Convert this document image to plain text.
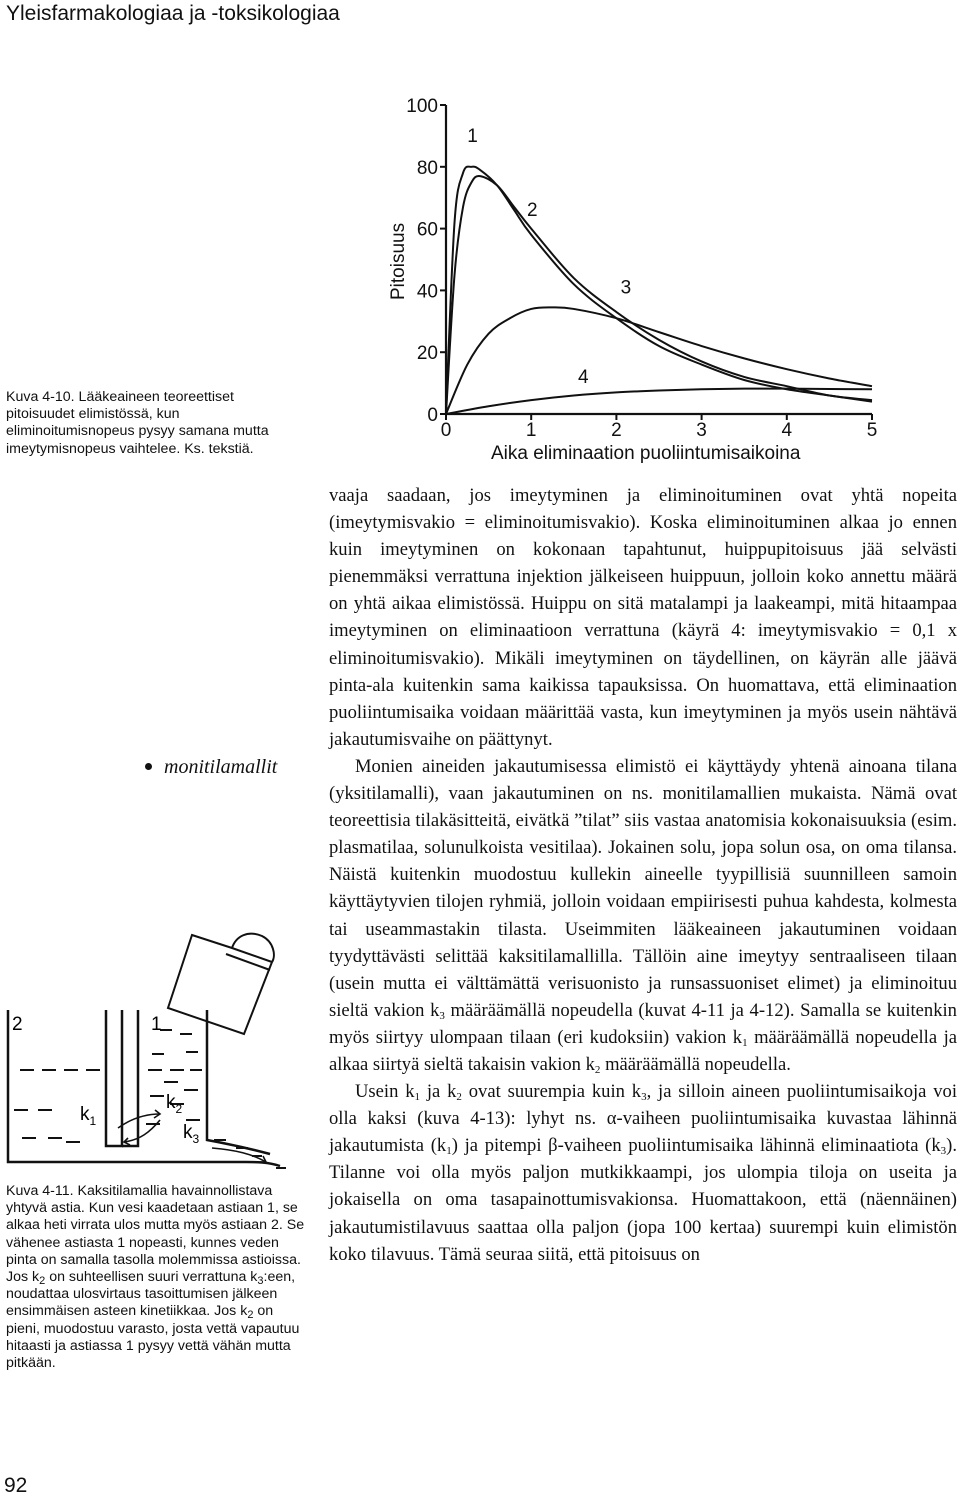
Yleisfarmakologiaa ja -toksikologiaa
0
20
40
60
80
100
0	1	2	3	4	5
1
2
3
4
Pitoisuus
Aika eliminaation puoliintumisaikoina
Kuva 4-10. Lääkeaineen teoreettiset pitoisuudet elimistössä, kun eliminoitumisnopeus pysyy samana mutta imeytymisnopeus vaihtelee. Ks. tekstiä.
2	1
$k_1$
$k_2$
$k_3$
monitilamallit
Kuva 4-11. Kaksitilamallia havainnollistava yhtyvä astia. Kun vesi kaadetaan astiaan 1, se alkaa heti virrata ulos mutta myös astiaan 2. Se vähenee astiasta 1 nopeasti, kunnes veden pinta on samalla tasolla molemmissa astioissa. Jos $k_2$ on suhteellisen suuri verrattuna $k_3:een$, noudattaa ulosvirtaus tasoittumisen jälkeen ensimmäisen asteen kinetiikkaa. Jos $k_2$ on pieni, muodostuu varasto, josta vettä vapautuu hitaasti ja astiassa 1 pysyy vettä vähän mutta pitkään.

vaaja saadaan, jos imeytyminen ja eliminoituminen ovat yhtä nopeita (imeytymisvakio = eliminoitumisvakio). Koska eliminoituminen alkaa jo ennen kuin imeytyminen on kokonaan tapahtunut, huippupitoisuus jää selvästi pienemmäksi verrattuna injektion jälkeiseen huippuun, jolloin koko annettu määrä on yhtä aikaa elimistössä. Huippu on sitä matalampi ja laakeampi, mitä hitaampaa imeytyminen on eliminaatioon verrattuna (käyrä 4: imeytymisvakio = 0,1 x eliminoitumisvakio). Mikäli imeytyminen on täydellinen, on käyrän alle jäävä pinta-ala kuitenkin sama kaikissa tapauksissa. On huomattava, että eliminaation puoliintumisaika voidaan määrittää vasta, kun imeytyminen ja myös usein nähtävä jakautumisvaihe on päättynyt.

Monien aineiden jakautumisessa elimistö ei käyttäydy yhtenä ainoana tilana (yksitilamalli), vaan jakautuminen on ns. monitilamallien mukaista. Nämä ovat teoreettisia tilakäsitteitä, eivätkä ”tilat” siis vastaa anatomisia kokonaisuuksia (esim. plasmatilaa, solunulkoista vesitilaa). Jokainen solu, jopa solun osa, on oma tilansa. Näistä kuitenkin muodostuu kullekin aineelle tyypillisiä suunnilleen samoin käyttäytyvien tilojen ryhmiä, jolloin voidaan empiirisesti puhua kahdesta, kolmesta tai useammastakin tilasta. Useimmiten lääkeaineen jakautuminen voidaan tyydyttävästi selittää kaksitilamallilla. Tällöin aine imeytyy sentraaliseen tilaan (usein mutta ei välttämättä verisuonisto ja runsassuoniset elimet) ja eliminoituu sieltä vakion $k_3$ määräämällä nopeudella (kuvat 4-11 ja 4-12). Samalla se kuitenkin myös siirtyy ulompaan tilaan (eri kudoksiin) vakion $k_1$ määräämällä nopeudella ja alkaa siirtyä sieltä takaisin vakion $k_2$ määräämällä nopeudella.

Usein $k_1$ ja $k_2$ ovat suurempia kuin $k_3$, ja silloin aineen puoliintumisaikoja voi olla kaksi (kuva 4-13): lyhyt ns. α-vaiheen puoliintumisaika kuvastaa lähinnä jakautumista $(k_1)$ ja pitempi β-vaiheen puoliintumisaika lähinnä eliminaatiota $(k_3)$. Tilanne voi olla myös paljon mutkikkaampi, jos ulompia tiloja on useita ja jokaisella on oma tasapainottumisvakionsa. Huomattakoon, että (näennäinen) jakautumistilavuus saattaa olla paljon (jopa 100 kertaa) suurempi kuin elimistön koko tilavuus. Tämä seuraa siitä, että pitoisuus on

92
